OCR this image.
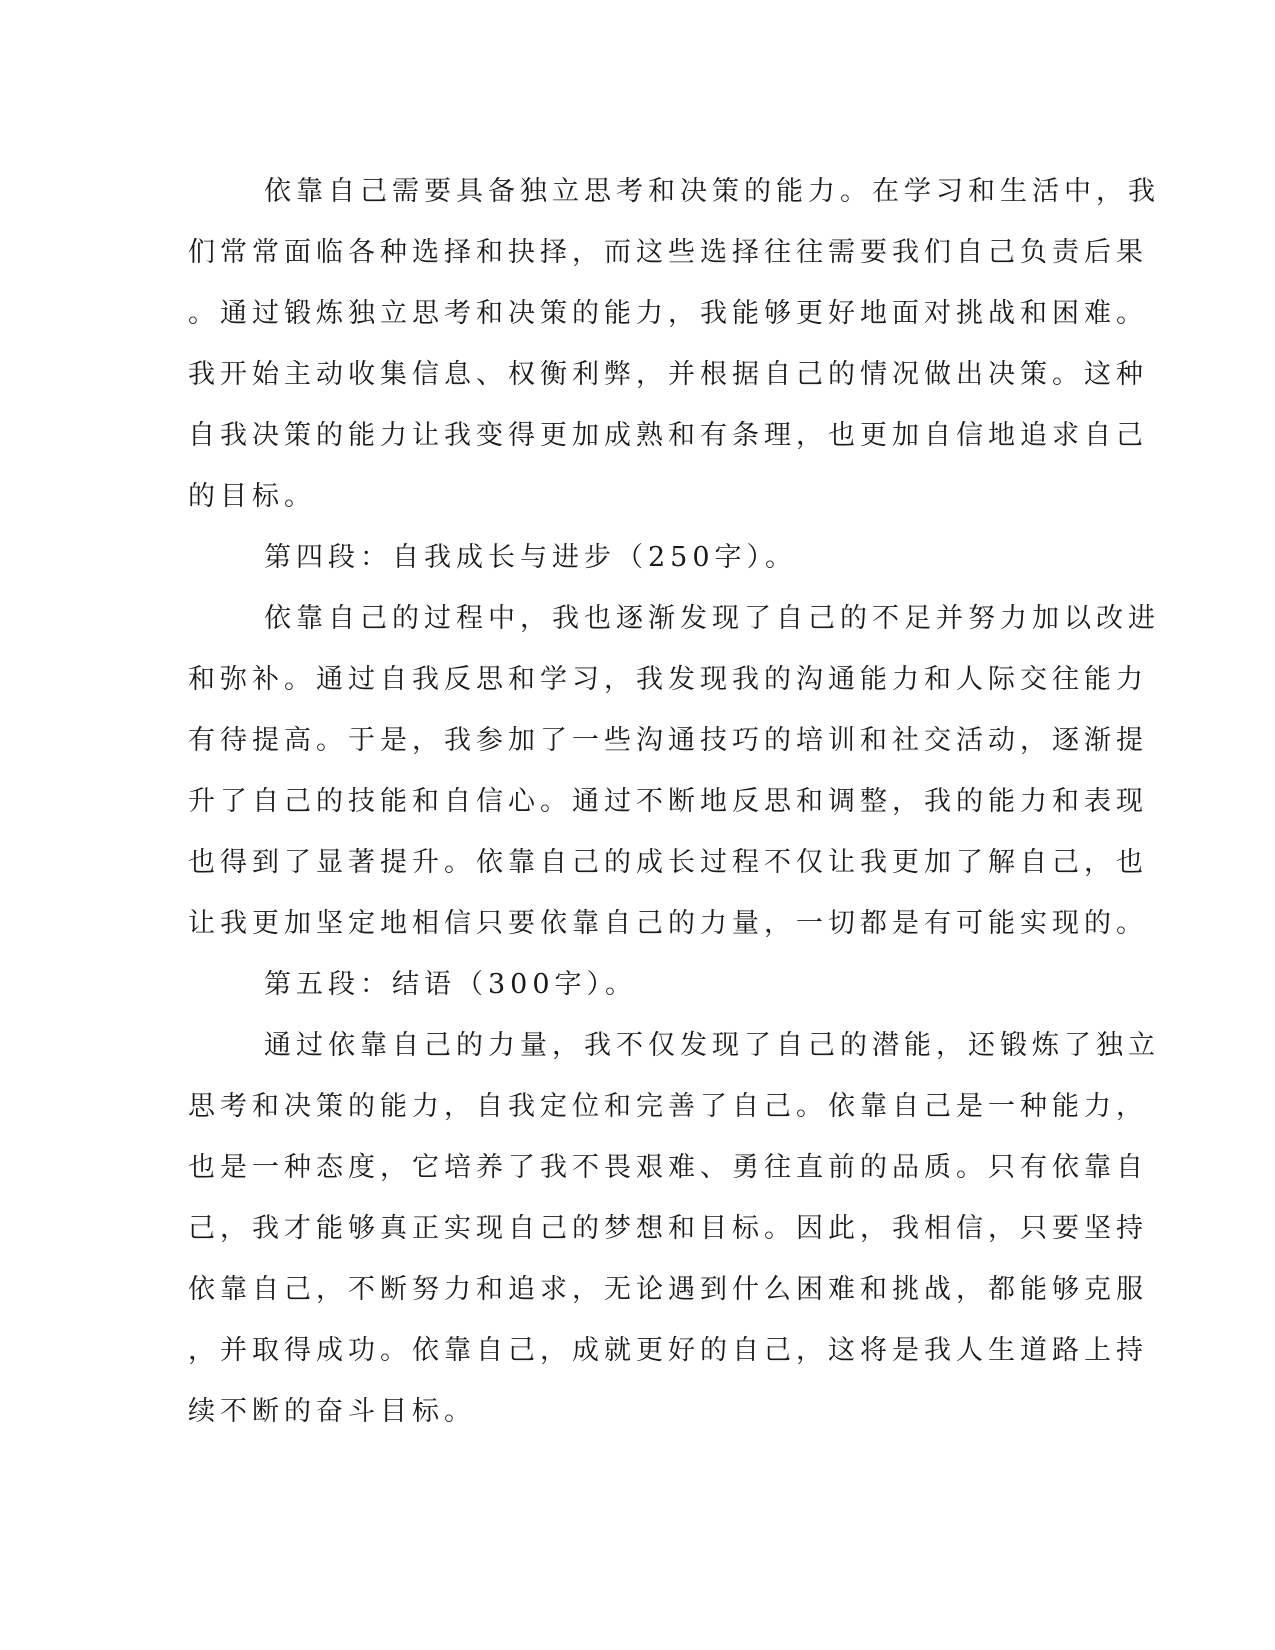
依靠自己需要具备独立思考和决策的能力。在学习和生活中，我
们常常面临各种选择和抉择，而这些选择往往需要我们自己负责后果
。通过锻炼独立思考和决策的能力，我能够更好地面对挑战和困难。
我开始主动收集信息、权衡利弊，并根据自己的情况做出决策。这种
自我决策的能力让我变得更加成熟和有条理，也更加自信地追求自己
的目标。
第四段：自我成长与进步（250字）。
依靠自己的过程中，我也逐渐发现了自己的不足并努力加以改进
和弥补。通过自我反思和学习，我发现我的沟通能力和人际交往能力
有待提高。于是，我参加了一些沟通技巧的培训和社交活动，逐渐提
升了自己的技能和自信心。通过不断地反思和调整，我的能力和表现
也得到了显著提升。依靠自己的成长过程不仅让我更加了解自己，也
让我更加坚定地相信只要依靠自己的力量，一切都是有可能实现的。
第五段：结语（300字）。
通过依靠自己的力量，我不仅发现了自己的潜能，还锻炼了独立
思考和决策的能力，自我定位和完善了自己。依靠自己是一种能力，
也是一种态度，它培养了我不畏艰难、勇往直前的品质。只有依靠自
己，我才能够真正实现自己的梦想和目标。因此，我相信，只要坚持
依靠自己，不断努力和追求，无论遇到什么困难和挑战，都能够克服
，并取得成功。依靠自己，成就更好的自己，这将是我人生道路上持
续不断的奋斗目标。
